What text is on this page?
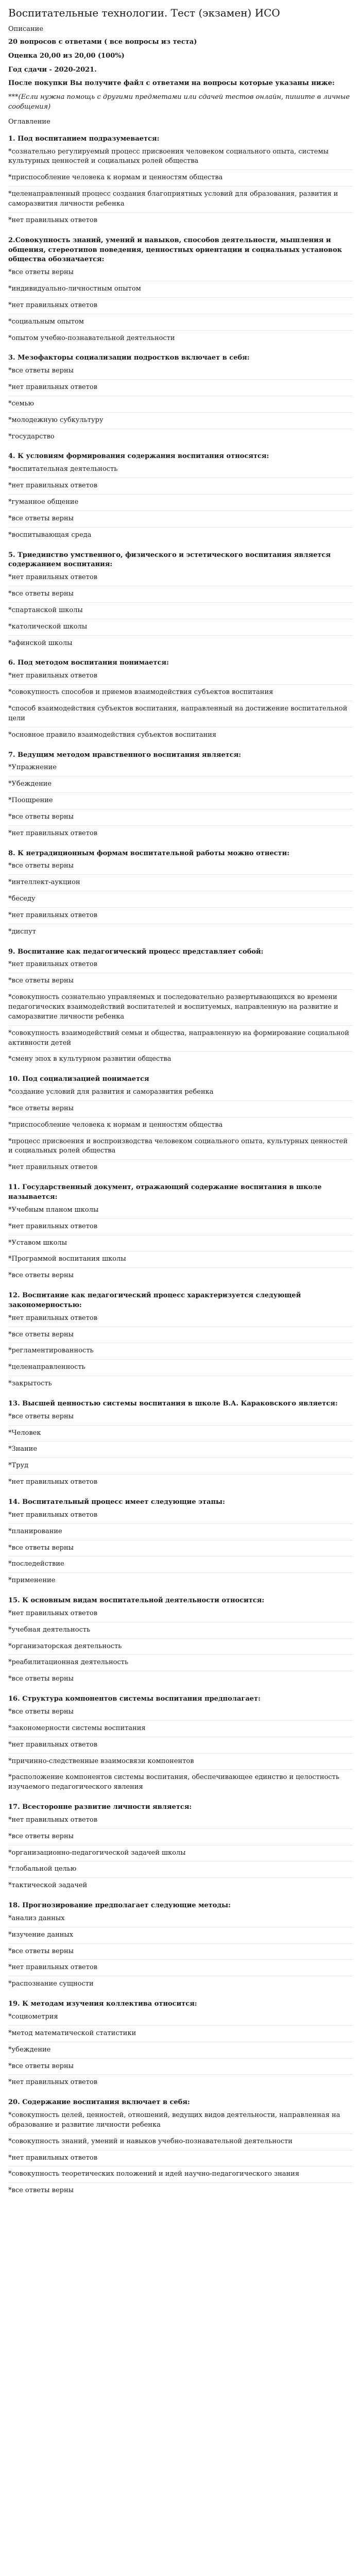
Воспитательные технологии. Тест (экзамен) ИСО
Описание
20 вопросов с ответами ( все вопросы из теста)
Оценка 20,00 из 20,00 (100%)
Год сдачи - 2020-2021.
После покупки Вы получите файл с ответами на вопросы которые указаны ниже:
***(Если нужна помощь с другими предметами или сдачей тестов онлайн, пишите в личные сообщения)
Оглавление
1. Под воспитанием подразумевается:
*сознательно регулируемый процесс присвоения человеком социального опыта, системы культурных ценностей и социальных ролей общества
*приспособление человека к нормам и ценностям общества
*целенаправленный процесс создания благоприятных условий для образования, развития и саморазвития личности ребенка
*нет правильных ответов
2.Совокупность знаний, умений и навыков, способов деятельности, мышления и общения, стереотипов поведения, ценностных ориентации и социальных установок общества обозначается:
*все ответы верны
*индивидуально-личностным опытом
*нет правильных ответов
*социальным опытом
*опытом учебно-познавательной деятельности
3. Мезофакторы социализации подростков включает в себя:
*все ответы верны
*нет правильных ответов
*семью
*молодежную субкультуру
*государство
4. К условиям формирования содержания воспитания относятся:
*воспитательная деятельность
*нет правильных ответов
*гуманное общение
*все ответы верны
*воспитывающая среда
5. Триединство умственного, физического и эстетического воспитания является содержанием воспитания:
*нет правильных ответов
*все ответы верны
*спартанской школы
*католической школы
*афинской школы
6. Под методом воспитания понимается:
*нет правильных ответов
*совокупность способов и приемов взаимодействия субъектов воспитания
*способ взаимодействия субъектов воспитания, направленный на достижение воспитательной цели
*основное правило взаимодействия субъектов воспитания
7. Ведущим методом нравственного воспитания является:
*Упражнение
*Убеждение
*Поощрение
*все ответы верны
*нет правильных ответов
8. К нетрадиционным формам воспитательной работы можно отнести:
*все ответы верны
*интеллект-аукцион
*беседу
*нет правильных ответов
*диспут
9. Воспитание как педагогический процесс представляет собой:
*нет правильных ответов
*все ответы верны
*совокупность сознательно управляемых и последовательно развертывающихся во времени педагогических взаимодействий воспитателей и воспитуемых, направленную на развитие и саморазвитие личности ребенка
*совокупность взаимодействий семьи и общества, направленную на формирование социальной активности детей
*смену эпох в культурном развитии общества
10. Под социализацией понимается
*создание условий для развития и саморазвития ребенка
*все ответы верны
*приспособление человека к нормам и ценностям общества
*процесс присвоения и воспроизводства человеком социального опыта, культурных ценностей и социальных ролей общества
*нет правильных ответов
11. Государственный документ, отражающий содержание воспитания в школе называется:
*Учебным планом школы
*нет правильных ответов
*Уставом школы
*Программой воспитания школы
*все ответы верны
12. Воспитание как педагогический процесс характеризуется следующей закономерностью:
*нет правильных ответов
*все ответы верны
*регламентированность
*целенаправленность
*закрытость
13. Высшей ценностью системы воспитания в школе В.А. Караковского является:
*все ответы верны
*Человек
*Знание
*Труд
*нет правильных ответов
14. Воспитательный процесс имеет следующие этапы:
*нет правильных ответов
*планирование
*все ответы верны
*последействие
*применение
15. К основным видам воспитательной деятельности относится:
*нет правильных ответов
*учебная деятельность
*организаторская деятельность
*реабилитационная деятельность
*все ответы верны
16. Структура компонентов системы воспитания предполагает:
*все ответы верны
*закономерности системы воспитания
*нет правильных ответов
*причинно-следственные взаимосвязи компонентов
*расположение компонентов системы воспитания, обеспечивающее единство и целостность изучаемого педагогического явления
17. Всесторонне развитие личности является:
*нет правильных ответов
*все ответы верны
*организационно-педагогической задачей школы
*глобальной целью
*тактической задачей
18. Прогнозирование предполагает следующие методы:
*анализ данных
*изучение данных
*все ответы верны
*нет правильных ответов
*распознание сущности
19. К методам изучения коллектива относится:
*социометрия
*метод математической статистики
*убеждение
*все ответы верны
*нет правильных ответов
20. Содержание воспитания включает в себя:
*совокупность целей, ценностей, отношений, ведущих видов деятельности, направленная на образование и развитие личности ребенка
*совокупность знаний, умений и навыков учебно-познавательной деятельности
*нет правильных ответов
*совокупность теоретических положений и идей научно-педагогического знания
*все ответы верны
